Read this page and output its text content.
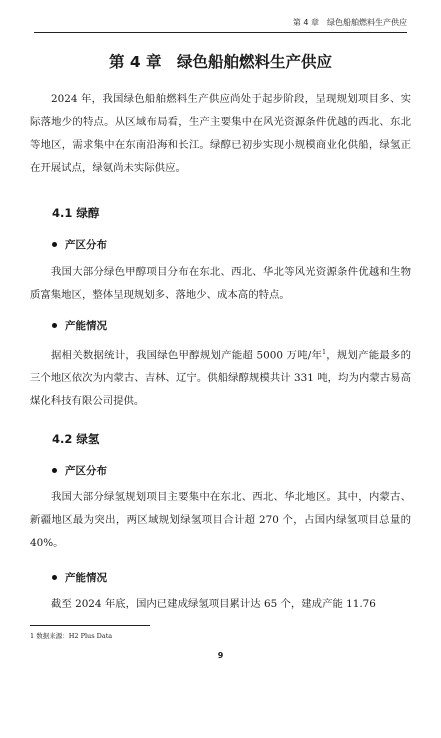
第 4 章　绿色船舶燃料生产供应
第 4 章　绿色船舶燃料生产供应
2024 年，我国绿色船舶燃料生产供应尚处于起步阶段，呈现规划项目多、实际落地少的特点。从区域布局看，生产主要集中在风光资源条件优越的西北、东北等地区，需求集中在东南沿海和长江。绿醇已初步实现小规模商业化供船，绿氢正在开展试点，绿氨尚未实际供应。
4.1 绿醇
产区分布
我国大部分绿色甲醇项目分布在东北、西北、华北等风光资源条件优越和生物质富集地区，整体呈现规划多、落地少、成本高的特点。
产能情况
据相关数据统计，我国绿色甲醇规划产能超 5000 万吨/年$^1$，规划产能最多的三个地区依次为内蒙古、吉林、辽宁。供船绿醇规模共计 331 吨，均为内蒙古易高煤化科技有限公司提供。
4.2 绿氢
产区分布
我国大部分绿氢规划项目主要集中在东北、西北、华北地区。其中，内蒙古、新疆地区最为突出，两区域规划绿氢项目合计超 270 个，占国内绿氢项目总量的 40%。
产能情况
截至 2024 年底，国内已建成绿氢项目累计达 65 个，建成产能 11.76
1 数据来源：H2 Plus Data
9
